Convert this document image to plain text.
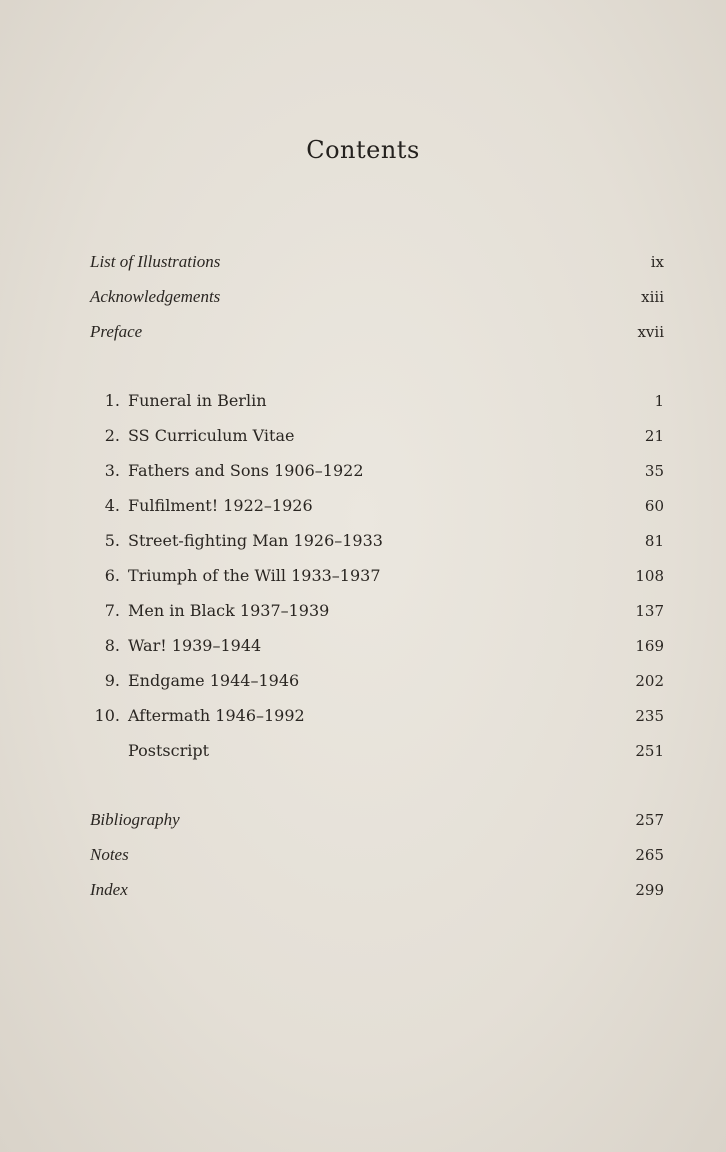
Contents
List of Illustrations	ix
Acknowledgements	xiii
Preface	xvii
1. Funeral in Berlin	1
2. SS Curriculum Vitae	21
3. Fathers and Sons 1906–1922	35
4. Fulfilment! 1922–1926	60
5. Street-fighting Man 1926–1933	81
6. Triumph of the Will 1933–1937	108
7. Men in Black 1937–1939	137
8. War! 1939–1944	169
9. Endgame 1944–1946	202
10. Aftermath 1946–1992	235
Postscript	251
Bibliography	257
Notes	265
Index	299
